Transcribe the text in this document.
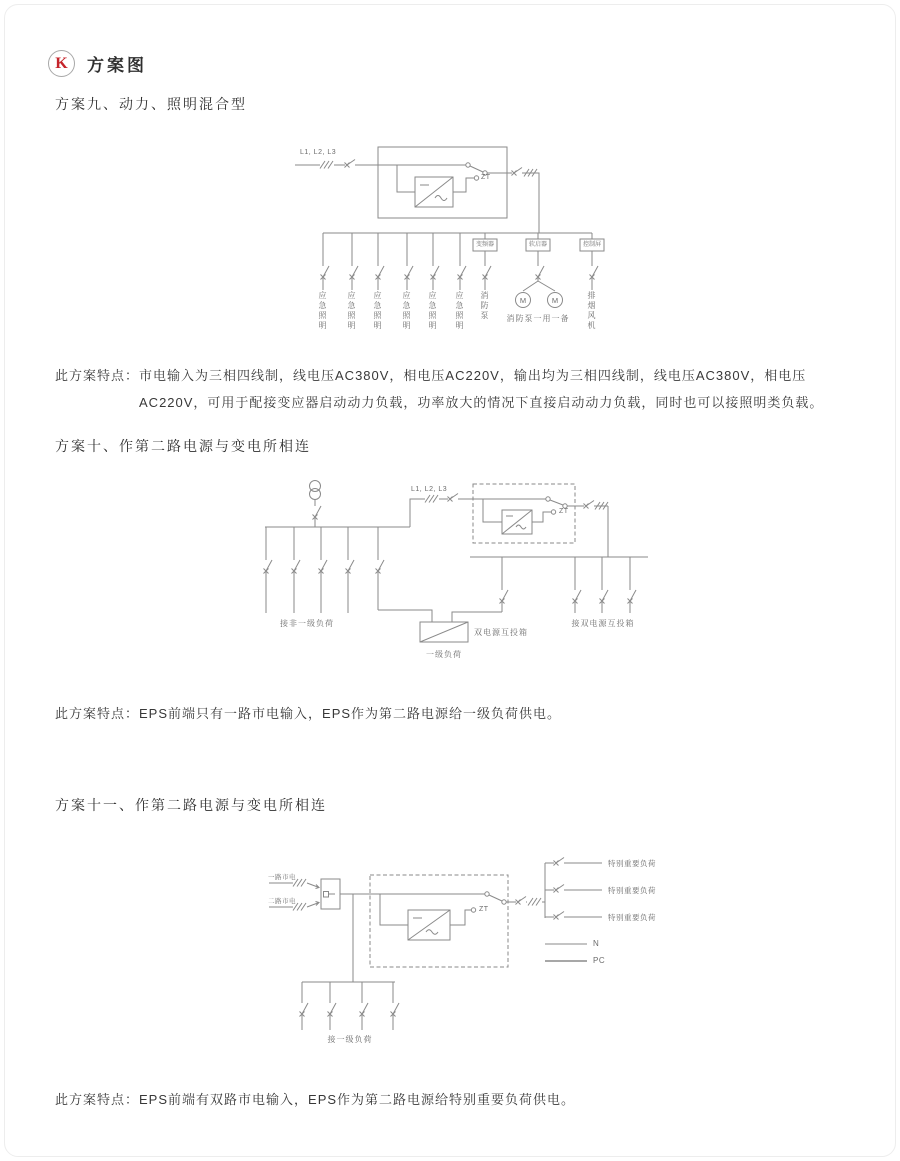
K	方案图
方案九、动力、照明混合型
L1, L2, L3
ZT
变频器	软启器	控制屏
应急照明	应急照明 应急照明	应急照明 应急照明 应急照明 消防泵	M	M
消防泵一用一备	排烟风机
此方案特点： 市电输入为三相四线制，线电压AC380V，相电压AC220V，输出均为三相四线制，线电压AC380V，相电压
AC220V，可用于配接变应器启动动力负载，功率放大的情况下直接启动动力负载，同时也可以接照明类负载。
方案十、作第二路电源与变电所相连
L1, L2, L3
ZT
接非一级负荷
双电源互投箱
一级负荷
接双电源互投箱
此方案特点： EPS前端只有一路市电输入，EPS作为第二路电源给一级负荷供电。
方案十一、作第二路电源与变电所相连
一路市电
二路市电
ZT
特别重要负荷
特别重要负荷
特别重要负荷
N
PC
接一级负荷
此方案特点： EPS前端有双路市电输入，EPS作为第二路电源给特别重要负荷供电。
